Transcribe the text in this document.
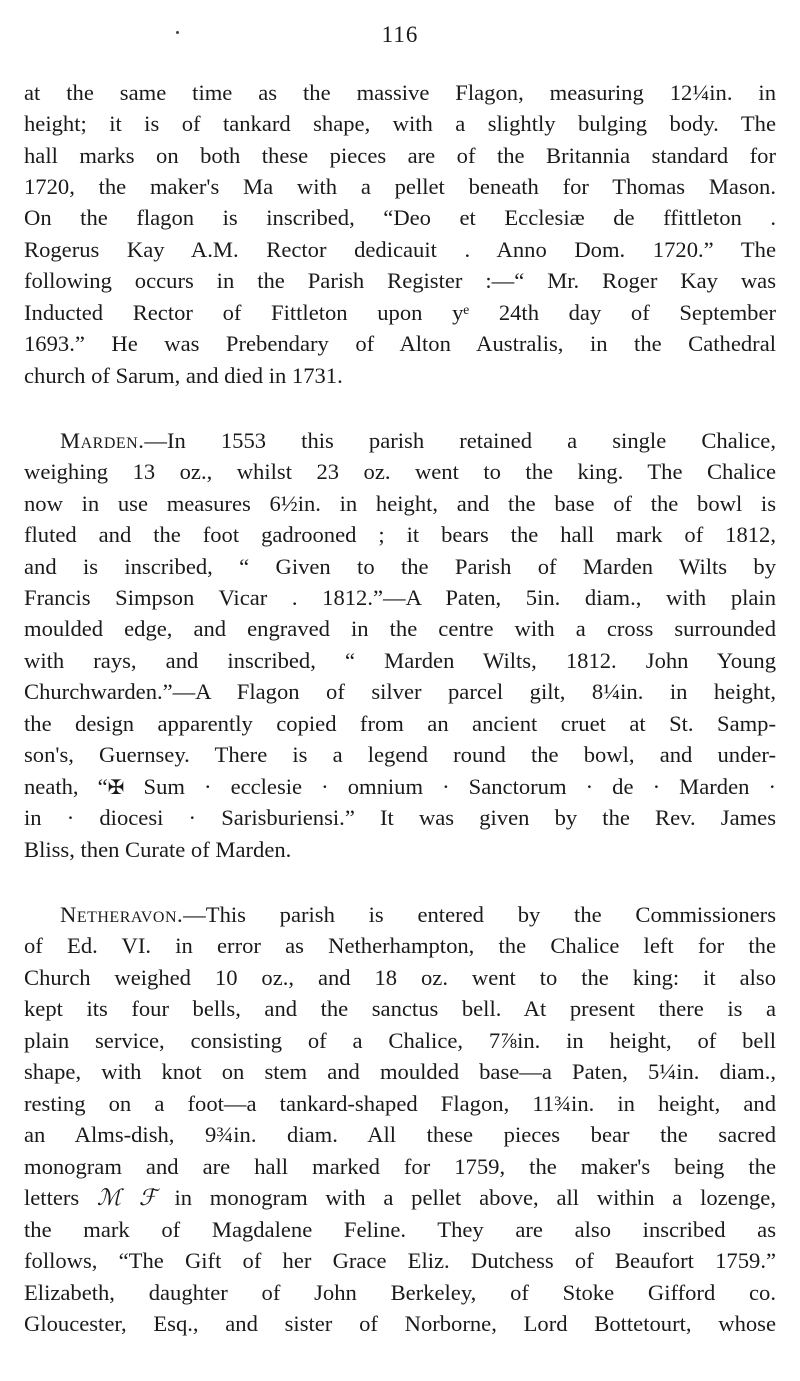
116
at the same time as the massive Flagon, measuring 12¼in. in
height; it is of tankard shape, with a slightly bulging body. The
hall marks on both these pieces are of the Britannia standard for
1720, the maker's Ma with a pellet beneath for Thomas Mason.
On the flagon is inscribed, “Deo et Ecclesiæ de ffittleton .
Rogerus Kay A.M. Rector dedicauit . Anno Dom. 1720.” The
following occurs in the Parish Register :—“ Mr. Roger Kay was
Inducted Rector of Fittleton upon yᵉ 24th day of September
1693.” He was Prebendary of Alton Australis, in the Cathedral
church of Sarum, and died in 1731.
Marden.—In 1553 this parish retained a single Chalice,
weighing 13 oz., whilst 23 oz. went to the king. The Chalice
now in use measures 6½in. in height, and the base of the bowl is
fluted and the foot gadrooned ; it bears the hall mark of 1812,
and is inscribed, “ Given to the Parish of Marden Wilts by
Francis Simpson Vicar . 1812.”—A Paten, 5in. diam., with plain
moulded edge, and engraved in the centre with a cross surrounded
with rays, and inscribed, “ Marden Wilts, 1812. John Young
Churchwarden.”—A Flagon of silver parcel gilt, 8¼in. in height,
the design apparently copied from an ancient cruet at St. Samp-
son's, Guernsey. There is a legend round the bowl, and under-
neath, “✠ Sum · ecclesie · omnium · Sanctorum · de · Marden ·
in · diocesi · Sarisburiensi.” It was given by the Rev. James
Bliss, then Curate of Marden.
Netheravon.—This parish is entered by the Commissioners
of Ed. VI. in error as Netherhampton, the Chalice left for the
Church weighed 10 oz., and 18 oz. went to the king: it also
kept its four bells, and the sanctus bell. At present there is a
plain service, consisting of a Chalice, 7⅞in. in height, of bell
shape, with knot on stem and moulded base—a Paten, 5¼in. diam.,
resting on a foot—a tankard-shaped Flagon, 11¾in. in height, and
an Alms-dish, 9¾in. diam. All these pieces bear the sacred
monogram and are hall marked for 1759, the maker's being the
letters ℳ ℱ in monogram with a pellet above, all within a lozenge,
the mark of Magdalene Feline. They are also inscribed as
follows, “The Gift of her Grace Eliz. Dutchess of Beaufort 1759.”
Elizabeth, daughter of John Berkeley, of Stoke Gifford co.
Gloucester, Esq., and sister of Norborne, Lord Bottetourt, whose
